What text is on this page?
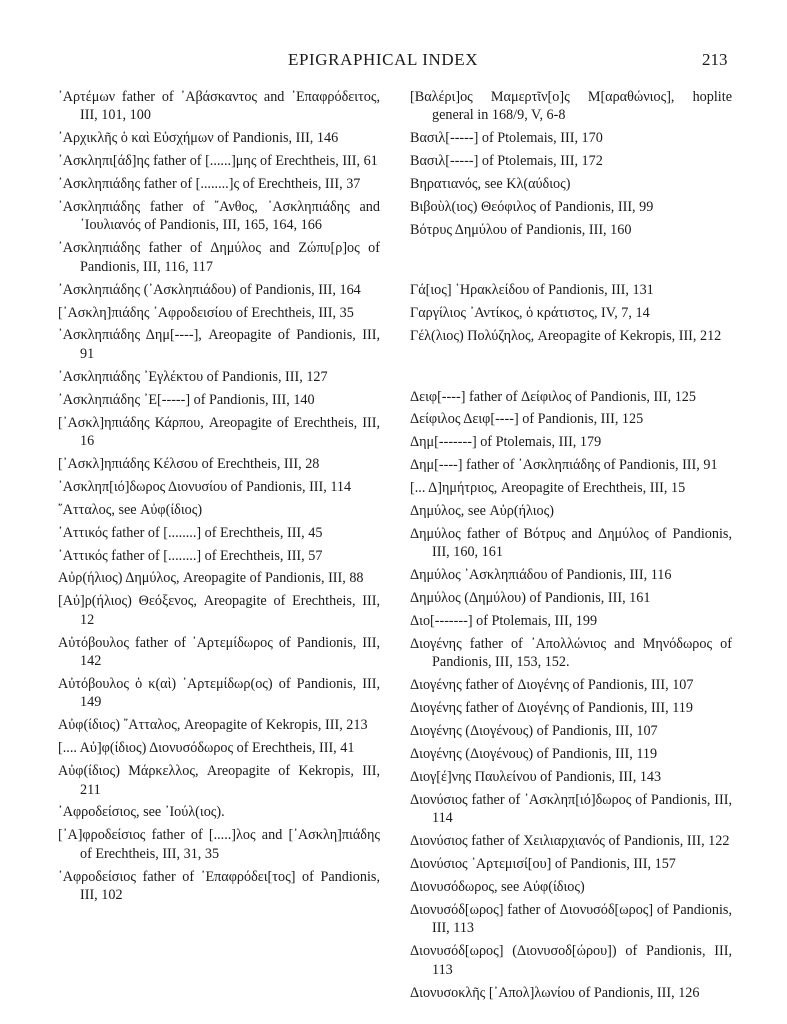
EPIGRAPHICAL INDEX	213

᾿Αρτέμων father of ᾿Αβάσκαντος and ᾿Επαφρόδειτος, III, 101, 100

᾿Αρχικλῆς ὁ καὶ Εὐσχήμων of Pandionis, III, 146

᾿Ασκληπι[άδ]ης father of [......]μης of Erechtheis, III, 61

᾿Ασκληπιάδης father of [........]ς of Erechtheis, III, 37

᾿Ασκληπιάδης father of ῎Ανθος, ᾿Ασκληπιάδης and ᾿Ιουλιανός of Pandionis, III, 165, 164, 166

᾿Ασκληπιάδης father of Δημύλος and Ζώπυ[ρ]ος of Pandionis, III, 116, 117

᾿Ασκληπιάδης (᾿Ασκληπιάδου) of Pandionis, III, 164

[᾿Ασκλη]πιάδης ᾿Αφροδεισίου of Erechtheis, III, 35

᾿Ασκληπιάδης Δημ[----], Areopagite of Pandionis, III, 91

᾿Ασκληπιάδης ᾿Εγλέκτου of Pandionis, III, 127

᾿Ασκληπιάδης ᾿Ε[-----] of Pandionis, III, 140

[᾿Ασκλ]ηπιάδης Κάρπου, Areopagite of Erechtheis, III, 16

[᾿Ασκλ]ηπιάδης Κέλσου of Erechtheis, III, 28

᾿Ασκληπ[ιό]δωρος Διονυσίου of Pandionis, III, 114

῎Ατταλος, see Αὐφ(ίδιος)

᾿Αττικός father of [........] of Erechtheis, III, 45

᾿Αττικός father of [........] of Erechtheis, III, 57

Αὐρ(ήλιος) Δημύλος, Areopagite of Pandionis, III, 88

[Αὐ]ρ(ήλιος) Θεόξενος, Areopagite of Erechtheis, III, 12

Αὐτόβουλος father of ᾿Αρτεμίδωρος of Pandionis, III, 142

Αὐτόβουλος ὁ κ(αὶ) ᾿Αρτεμίδωρ(ος) of Pandionis, III, 149

Αὐφ(ίδιος) ῎Ατταλος, Areopagite of Kekropis, III, 213

[.... Αὐ]φ(ίδιος) Διονυσόδωρος of Erechtheis, III, 41

Αὐφ(ίδιος) Μάρκελλος, Areopagite of Kekropis, III, 211

᾿Αφροδείσιος, see ᾿Ιούλ(ιος).

[᾿Α]φροδείσιος father of [.....]λος and [᾿Ασκλη]πιάδης of Erechtheis, III, 31, 35

᾿Αφροδείσιος father of ᾿Επαφρόδει[τος] of Pandionis, III, 102

[Βαλέρι]ος Μαμερτῖν[ο]ς Μ[αραθώνιος], hoplite general in 168/9, V, 6-8

Βασιλ[-----] of Ptolemais, III, 170

Βασιλ[-----] of Ptolemais, III, 172

Βηρατιανός, see Κλ(αύδιος)

Βιβοὺλ(ιος) Θεόφιλος of Pandionis, III, 99

Βότρυς Δημύλου of Pandionis, III, 160

Γά[ιος] ῾Ηρακλείδου of Pandionis, III, 131

Γαργίλιος ᾿Αντίκος, ὁ κράτιστος, IV, 7, 14

Γέλ(λιος) Πολύζηλος, Areopagite of Kekropis, III, 212

Δειφ[----] father of Δείφιλος of Pandionis, III, 125

Δείφιλος Δειφ[----] of Pandionis, III, 125

Δημ[-------] of Ptolemais, III, 179

Δημ[----] father of ᾿Ασκληπιάδης of Pandionis, III, 91

[... Δ]ημήτριος, Areopagite of Erechtheis, III, 15

Δημύλος, see Αὐρ(ήλιος)

Δημύλος father of Βότρυς and Δημύλος of Pandionis, III, 160, 161

Δημύλος ᾿Ασκληπιάδου of Pandionis, III, 116

Δημύλος (Δημύλου) of Pandionis, III, 161

Διο[-------] of Ptolemais, III, 199

Διογένης father of ᾿Απολλώνιος and Μηνόδωρος of Pandionis, III, 153, 152.

Διογένης father of Διογένης of Pandionis, III, 107

Διογένης father of Διογένης of Pandionis, III, 119

Διογένης (Διογένους) of Pandionis, III, 107

Διογένης (Διογένους) of Pandionis, III, 119

Διογ[έ]νης Παυλείνου of Pandionis, III, 143

Διονύσιος father of ᾿Ασκληπ[ιό]δωρος of Pandionis, III, 114

Διονύσιος father of Χειλιαρχιανός of Pandionis, III, 122

Διονύσιος ᾿Αρτεμισί[ου] of Pandionis, III, 157

Διονυσόδωρος, see Αὐφ(ίδιος)

Διονυσόδ[ωρος] father of Διονυσόδ[ωρος] of Pandionis, III, 113

Διονυσόδ[ωρος] (Διονυσοδ[ώρου]) of Pandionis, III, 113

Διονυσοκλῆς [᾿Απολ]λωνίου of Pandionis, III, 126
